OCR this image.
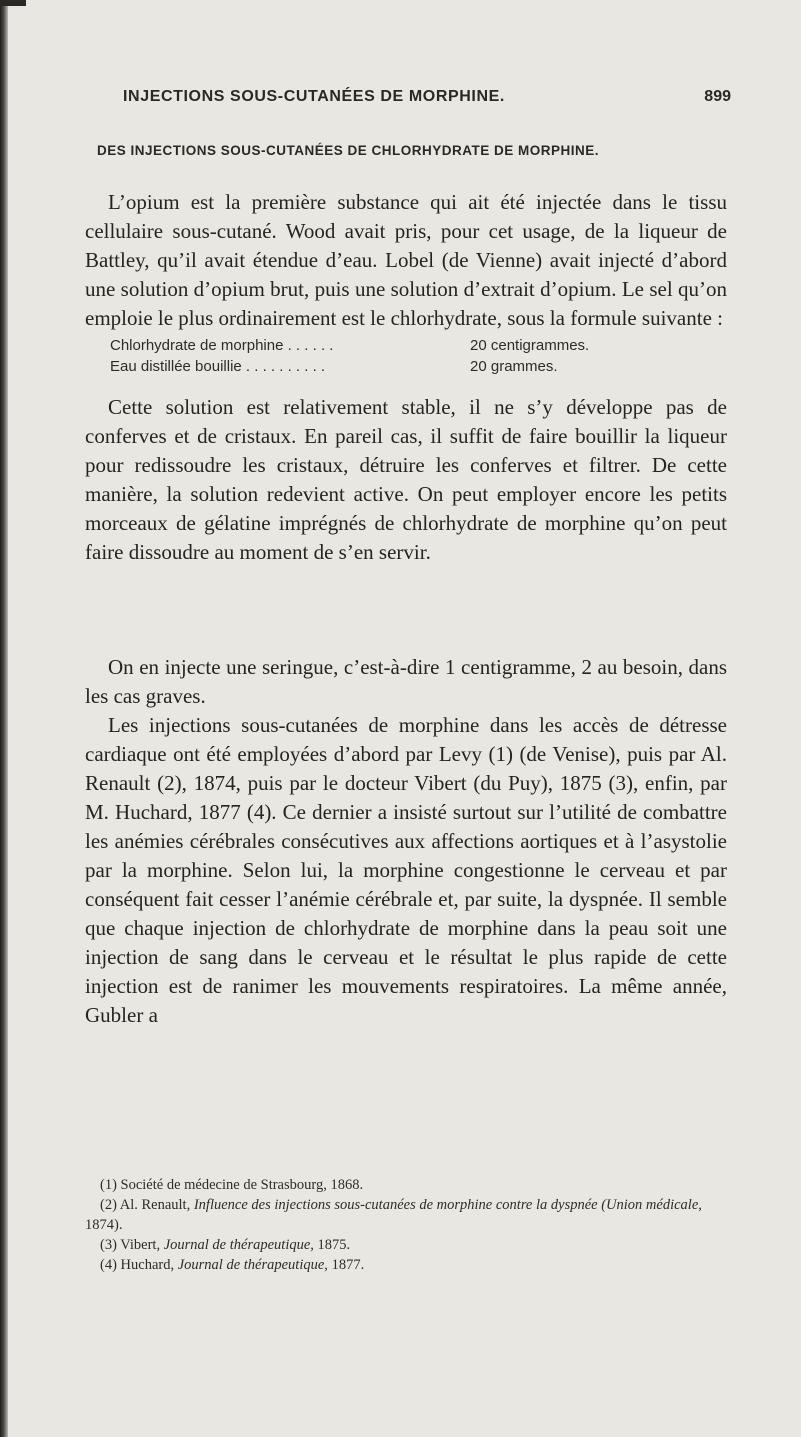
INJECTIONS SOUS-CUTANÉES DE MORPHINE.	899
DES INJECTIONS SOUS-CUTANÉES DE CHLORHYDRATE DE MORPHINE.

L’opium est la première substance qui ait été injectée dans le tissu cellulaire sous-cutané. Wood avait pris, pour cet usage, de la liqueur de Battley, qu’il avait étendue d’eau. Lobel (de Vienne) avait injecté d’abord une solution d’opium brut, puis une solution d’extrait d’opium. Le sel qu’on emploie le plus ordinairement est le chlorhydrate, sous la formule suivante :

Chlorhydrate de morphine . . . . . .	20 centigrammes.
Eau distillée bouillie . . . . . . . . . .	20 grammes.

Cette solution est relativement stable, il ne s’y développe pas de conferves et de cristaux. En pareil cas, il suffit de faire bouillir la liqueur pour redissoudre les cristaux, détruire les conferves et filtrer. De cette manière, la solution redevient active. On peut employer encore les petits morceaux de gélatine imprégnés de chlorhydrate de morphine qu’on peut faire dissoudre au moment de s’en servir.

On en injecte une seringue, c’est-à-dire 1 centigramme, 2 au besoin, dans les cas graves.

Les injections sous-cutanées de morphine dans les accès de détresse cardiaque ont été employées d’abord par Levy (1) (de Venise), puis par Al. Renault (2), 1874, puis par le docteur Vibert (du Puy), 1875 (3), enfin, par M. Huchard, 1877 (4). Ce dernier a insisté surtout sur l’utilité de combattre les anémies cérébrales consécutives aux affections aortiques et à l’asystolie par la morphine. Selon lui, la morphine congestionne le cerveau et par conséquent fait cesser l’anémie cérébrale et, par suite, la dyspnée. Il semble que chaque injection de chlorhydrate de morphine dans la peau soit une injection de sang dans le cerveau et le résultat le plus rapide de cette injection est de ranimer les mouvements respiratoires. La même année, Gubler a

(1) Société de médecine de Strasbourg, 1868.

(2) Al. Renault, Influence des injections sous-cutanées de morphine contre la dyspnée (Union médicale, 1874).

(3) Vibert, Journal de thérapeutique, 1875.

(4) Huchard, Journal de thérapeutique, 1877.
